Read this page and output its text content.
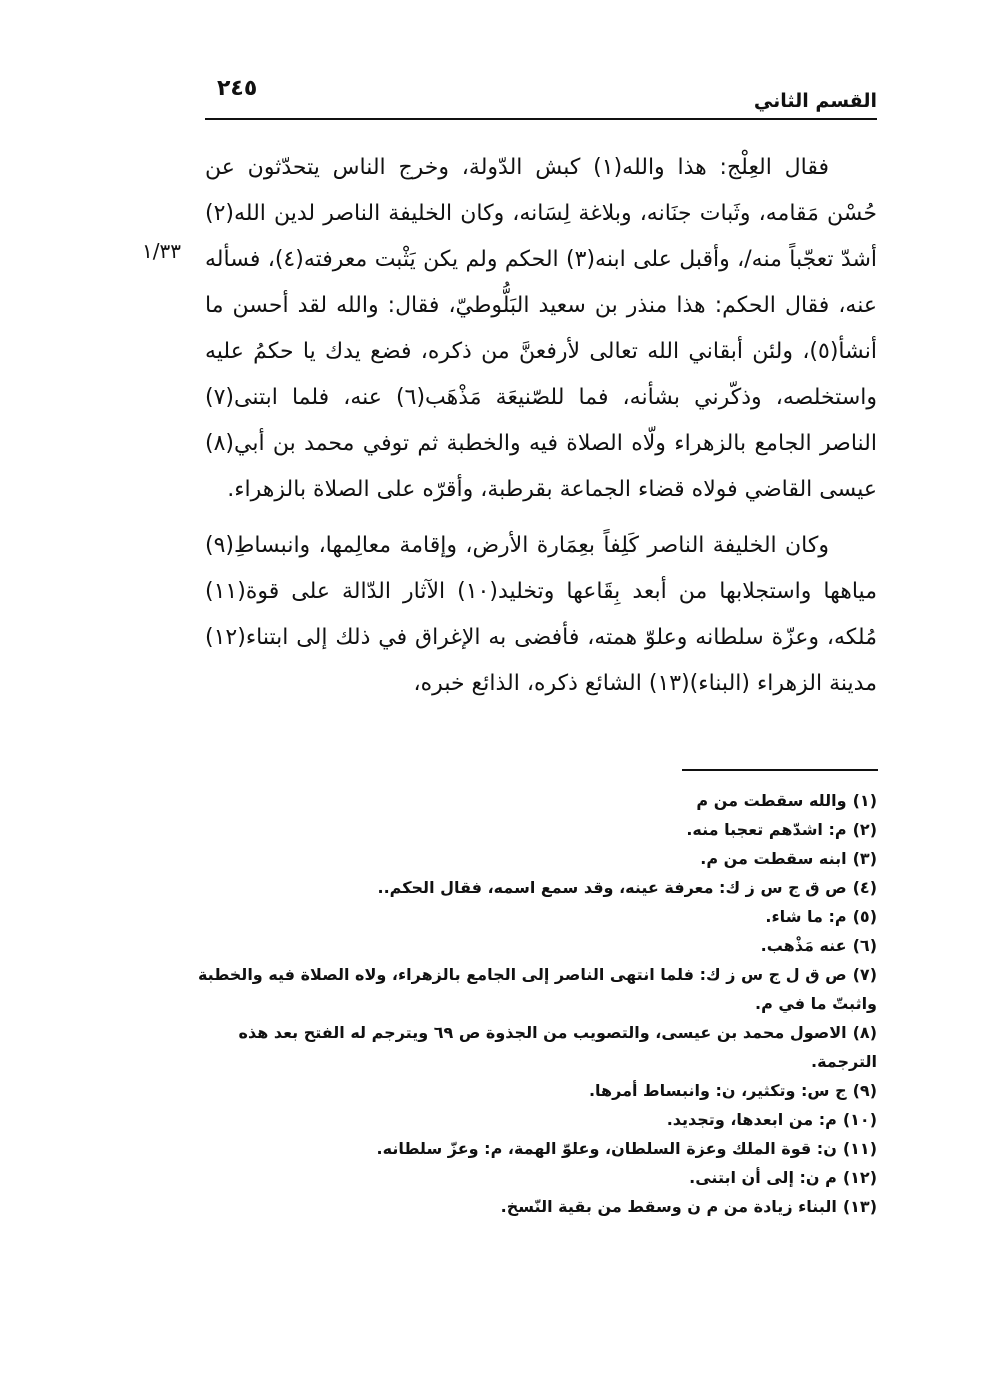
القسم الثاني
٢٤٥
١/٣٣

فقال العِلْج: هذا والله(١) كبش الدّولة، وخرج الناس يتحدّثون عن حُسْن مَقامه، وثَبات جنَانه، وبلاغة لِسَانه، وكان الخليفة الناصر لدين الله(٢) أشدّ تعجّباً منه/، وأقبل على ابنه(٣) الحكم ولم يكن يَثْبت معرفته(٤)، فسأله عنه، فقال الحكم: هذا منذر بن سعيد البَلُّوطيّ، فقال: والله لقد أحسن ما أنشأ(٥)، ولئن أبقاني الله تعالى لأرفعنَّ من ذكره، فضع يدك يا حكمُ عليه واستخلصه، وذكّرني بشأنه، فما للصّنيعَة مَذْهَب(٦) عنه، فلما ابتنى(٧) الناصر الجامع بالزهراء ولّاه الصلاة فيه والخطبة ثم توفي محمد بن أبي(٨) عيسى القاضي فولاه قضاء الجماعة بقرطبة، وأقرّه على الصلاة بالزهراء.

وكان الخليفة الناصر كَلِفاً بعِمَارة الأرض، وإقامة معالِمها، وانبساطِ(٩) مياهها واستجلابها من أبعد بِقَاعها وتخليد(١٠) الآثار الدّالة على قوة(١١) مُلكه، وعزّة سلطانه وعلوّ همته، فأفضى به الإغراق في ذلك إلى ابتناء(١٢) مدينة الزهراء (البناء)(١٣) الشائع ذكره، الذائع خبره،

(١)والله سقطت من م
(٢)م: اشدّهم تعجبا منه.
(٣)ابنه سقطت من م.
(٤)ص ق ج س ز ك: معرفة عينه، وقد سمع اسمه، فقال الحكم..
(٥)م: ما شاء.
(٦)عنه مَذْهب.
(٧)ص ق ل ج س ز ك: فلما انتهى الناصر إلى الجامع بالزهراء، ولاه الصلاة فيه والخطبة واثبتّ ما في م.
(٨)الاصول محمد بن عيسى، والتصويب من الجذوة ص ٦٩ ويترجم له الفتح بعد هذه الترجمة.
(٩)ج س: وتكثير، ن: وانبساط أمرها.
(١٠)م: من ابعدها، وتجديد.
(١١)ن: قوة الملك وعزة السلطان، وعلوّ الهمة، م: وعزّ سلطانه.
(١٢)م ن: إلى أن ابتنى.
(١٣)البناء زيادة من م ن وسقط من بقية النّسخ.
